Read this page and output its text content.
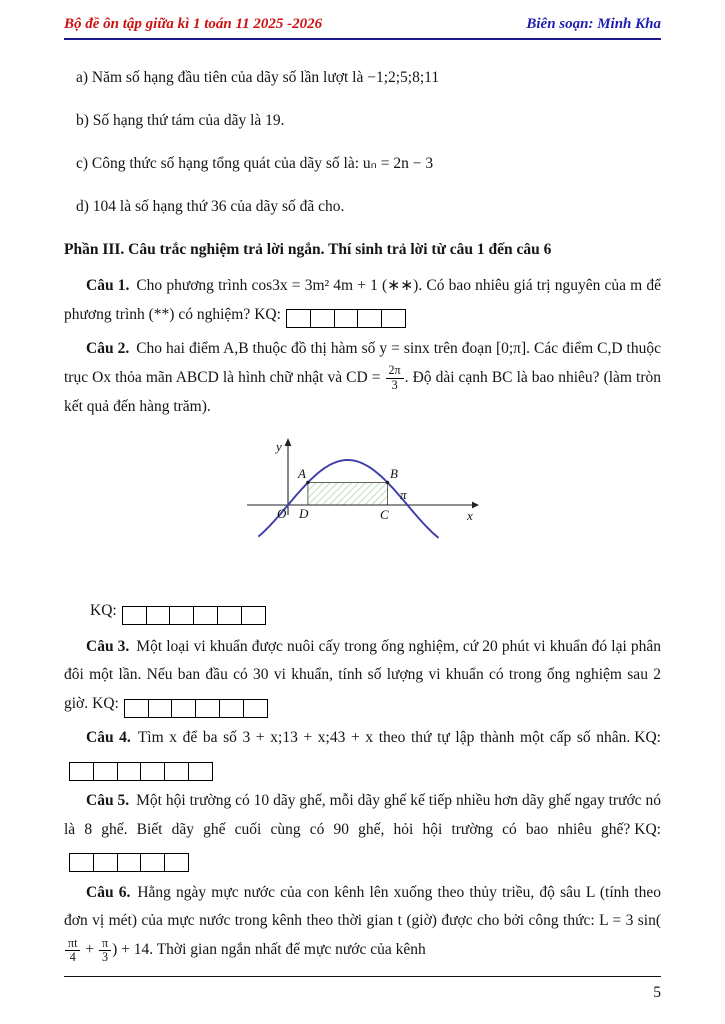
Bộ đề ôn tập giữa kì 1 toán 11 2025 -2026	Biên soạn: Minh Kha

a) Năm số hạng đầu tiên của dãy số lần lượt là −1;2;5;8;11

b) Số hạng thứ tám của dãy là 19.

c) Công thức số hạng tổng quát của dãy số là: uₙ = 2n − 3

d) 104 là số hạng thứ 36 của dãy số đã cho.

Phần III. Câu trắc nghiệm trả lời ngắn. Thí sinh trả lời từ câu 1 đến câu 6

Câu 1. Cho phương trình cos3x = 3m² 4m + 1 (∗∗). Có bao nhiêu giá trị nguyên của m để phương trình (**) có nghiệm? KQ:

Câu 2. Cho hai điểm A,B thuộc đồ thị hàm số y = sinx trên đoạn [0;π]. Các điểm C,D thuộc trục Ox thỏa mãn ABCD là hình chữ nhật và CD = $\frac{2\pi}{3}$ . Độ dài cạnh BC là bao nhiêu? (làm tròn kết quả đến hàng trăm).

y
x
O D	C
A	B
π

KQ:

Câu 3. Một loại vi khuẩn được nuôi cấy trong ống nghiệm, cứ 20 phút vi khuẩn đó lại phân đôi một lần. Nếu ban đầu có 30 vi khuẩn, tính số lượng vi khuẩn có trong ống nghiệm sau 2 giờ. KQ:

Câu 4. Tìm x để ba số 3 + x;13 + x;43 + x theo thứ tự lập thành một cấp số nhân. KQ:

Câu 5. Một hội trường có 10 dãy ghế, mỗi dãy ghế kế tiếp nhiều hơn dãy ghế ngay trước nó là 8 ghế. Biết dãy ghế cuối cùng có 90 ghế, hỏi hội trường có bao nhiêu ghế? KQ:

Câu 6. Hằng ngày mực nước của con kênh lên xuống theo thủy triều, độ sâu L (tính theo đơn vị mét) của mực nước trong kênh theo thời gian t (giờ) được cho bởi công thức: L = 3 sin(
$\frac{\pi t}{4} + \frac{\pi}{3}$ ) + 14. Thời gian ngắn nhất để mực nước của kênh

5
